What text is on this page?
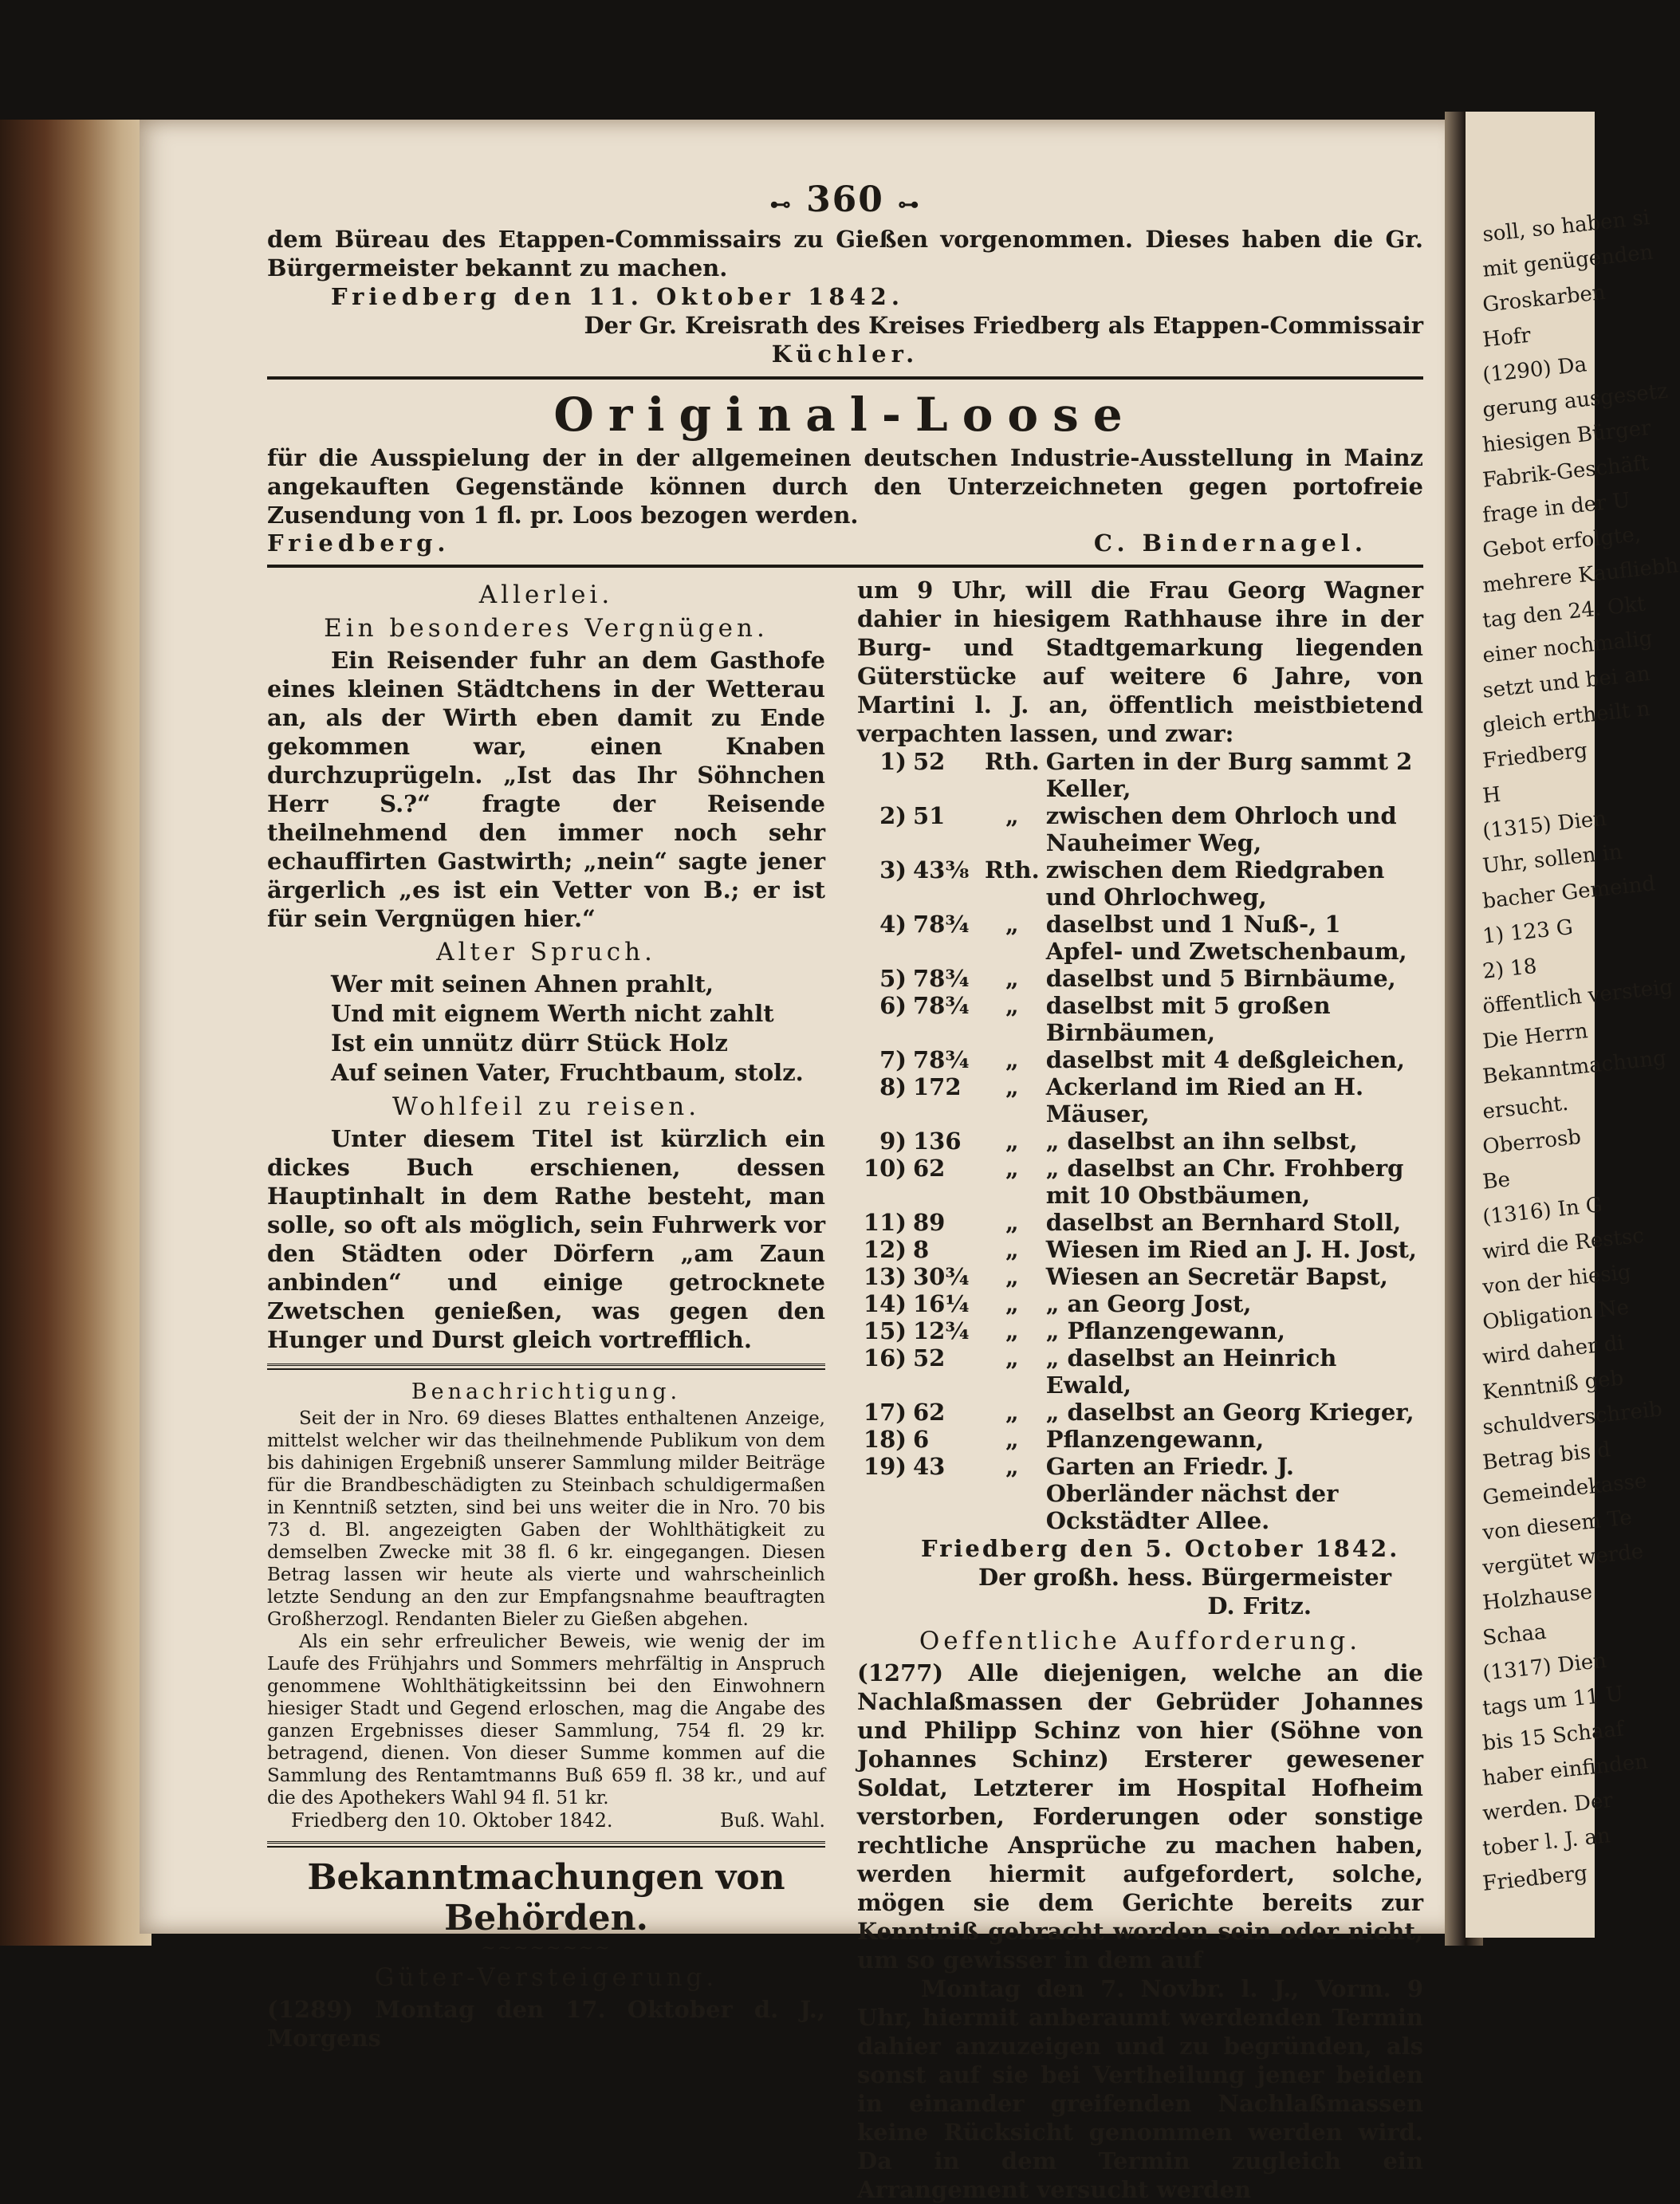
soll, so haben si
mit genügenden
Groskarben
Hofr
(1290) Da
gerung ausgesetz
hiesigen Bürger
Fabrik-Geschäft
frage in der U
Gebot erfolgte,
mehrere Kaufliebh
tag den 24. Okt
einer nochmalig
setzt und bei an
gleich ertheilt n
Friedberg
H
(1315) Dien
Uhr, sollen in
bacher Gemeind
1) 123 G
2) 18
öffentlich versteig
Die Herrn
Bekanntmachung
ersucht.
Oberrosb
Be
(1316) In G
wird die Restsc
von der hiesig
Obligation Ne
wird daher di
Kenntniß geb
schuldverschreib
Betrag bis d
Gemeindekasse
von diesem Te
vergütet werde
Holzhause
Schaa
(1317) Dien
tags um 11 U
bis 15 Schaaf
haber einfinden
werden. Der
tober l. J. an
Friedberg
⊷ 360 ⊶

dem Büreau des Etappen-Commissairs zu Gießen vorgenommen. Dieses haben die Gr. Bürgermeister bekannt zu machen.

Friedberg den 11. Oktober 1842.

Der Gr. Kreisrath des Kreises Friedberg als Etappen-Commissair

Küchler.

Original-Loose

für die Ausspielung der in der allgemeinen deutschen Industrie-Ausstellung in Mainz angekauften Gegenstände können durch den Unterzeichneten gegen portofreie Zusendung von 1 fl. pr. Loos bezogen werden.

Friedberg.	C. Bindernagel.
Allerlei.
Ein besonderes Vergnügen.

Ein Reisender fuhr an dem Gasthofe eines kleinen Städtchens in der Wetterau an, als der Wirth eben damit zu Ende gekommen war, einen Knaben durchzuprügeln. „Ist das Ihr Söhnchen Herr S.?“ fragte der Reisende theilnehmend den immer noch sehr echauffirten Gastwirth; „nein“ sagte jener ärgerlich „es ist ein Vetter von B.; er ist für sein Vergnügen hier.“

Alter Spruch.
Wer mit seinen Ahnen prahlt,
Und mit eignem Werth nicht zahlt
Ist ein unnütz dürr Stück Holz
Auf seinen Vater, Fruchtbaum, stolz.
Wohlfeil zu reisen.

Unter diesem Titel ist kürzlich ein dickes Buch erschienen, dessen Hauptinhalt in dem Rathe besteht, man solle, so oft als möglich, sein Fuhrwerk vor den Städten oder Dörfern „am Zaun anbinden“ und einige getrocknete Zwetschen genießen, was gegen den Hunger und Durst gleich vortrefflich.

Benachrichtigung.

Seit der in Nro. 69 dieses Blattes enthaltenen Anzeige, mittelst welcher wir das theilnehmende Publikum von dem bis dahinigen Ergebniß unserer Sammlung milder Beiträge für die Brandbeschädigten zu Steinbach schuldigermaßen in Kenntniß setzten, sind bei uns weiter die in Nro. 70 bis 73 d. Bl. angezeigten Gaben der Wohlthätigkeit zu demselben Zwecke mit 38 fl. 6 kr. eingegangen. Diesen Betrag lassen wir heute als vierte und wahrscheinlich letzte Sendung an den zur Empfangsnahme beauftragten Großherzogl. Rendanten Bieler zu Gießen abgehen.

Als ein sehr erfreulicher Beweis, wie wenig der im Laufe des Frühjahrs und Sommers mehrfältig in Anspruch genommene Wohlthätigkeitssinn bei den Einwohnern hiesiger Stadt und Gegend erloschen, mag die Angabe des ganzen Ergebnisses dieser Sammlung, 754 fl. 29 kr. betragend, dienen. Von dieser Summe kommen auf die Sammlung des Rentamtmanns Buß 659 fl. 38 kr., und auf die des Apothekers Wahl 94 fl. 51 kr.

Friedberg den 10. Oktober 1842.	Buß. Wahl.
Bekanntmachungen von Behörden.
~~~~~~~~
Güter-Versteigerung.

(1289) Montag den 17. Oktober d. J., Morgens

um 9 Uhr, will die Frau Georg Wagner dahier in hiesigem Rathhause ihre in der Burg- und Stadtgemarkung liegenden Güterstücke auf weitere 6 Jahre, von Martini l. J. an, öffentlich meistbietend verpachten lassen, und zwar:

1)	52	Rth.	Garten in der Burg sammt 2 Keller,
2)	51	„	zwischen dem Ohrloch und Nauheimer Weg,
3)	43⅜	Rth.	zwischen dem Riedgraben und Ohrlochweg,
4)	78¾	„	daselbst und 1 Nuß-, 1 Apfel- und Zwetschenbaum,
5)	78¾	„	daselbst und 5 Birnbäume,
6)	78¾	„	daselbst mit 5 großen Birnbäumen,
7)	78¾	„	daselbst mit 4 deßgleichen,
8)	172	„	Ackerland im Ried an H. Mäuser,
9)	136	„	„ daselbst an ihn selbst,
10)	62	„	„ daselbst an Chr. Frohberg mit 10 Obstbäumen,
11)	89	„	daselbst an Bernhard Stoll,
12)	8	„	Wiesen im Ried an J. H. Jost,
13)	30¾	„	Wiesen an Secretär Bapst,
14)	16¼	„	„ an Georg Jost,
15)	12¾	„	„ Pflanzengewann,
16)	52	„	„ daselbst an Heinrich Ewald,
17)	62	„	„ daselbst an Georg Krieger,
18)	6	„	Pflanzengewann,
19)	43	„	Garten an Friedr. J. Oberländer nächst der Ockstädter Allee.

Friedberg den 5. October 1842.

Der großh. hess. Bürgermeister

D. Fritz.

Oeffentliche Aufforderung.

(1277) Alle diejenigen, welche an die Nachlaßmassen der Gebrüder Johannes und Philipp Schinz von hier (Söhne von Johannes Schinz) Ersterer gewesener Soldat, Letzterer im Hospital Hofheim verstorben, Forderungen oder sonstige rechtliche Ansprüche zu machen haben, werden hiermit aufgefordert, solche, mögen sie dem Gerichte bereits zur Kenntniß gebracht worden sein oder nicht, um so gewisser in dem auf

Montag den 7. Novbr. l. J., Vorm. 9 Uhr, hiermit anberaumt werdenden Termin dahier anzuzeigen und zu begründen, als sonst auf sie bei Vertheilung jener beiden in einander greifenden Nachlaßmassen keine Rücksicht genommen werden wird. Da in dem Termin zugleich ein Arrangement versucht werden
